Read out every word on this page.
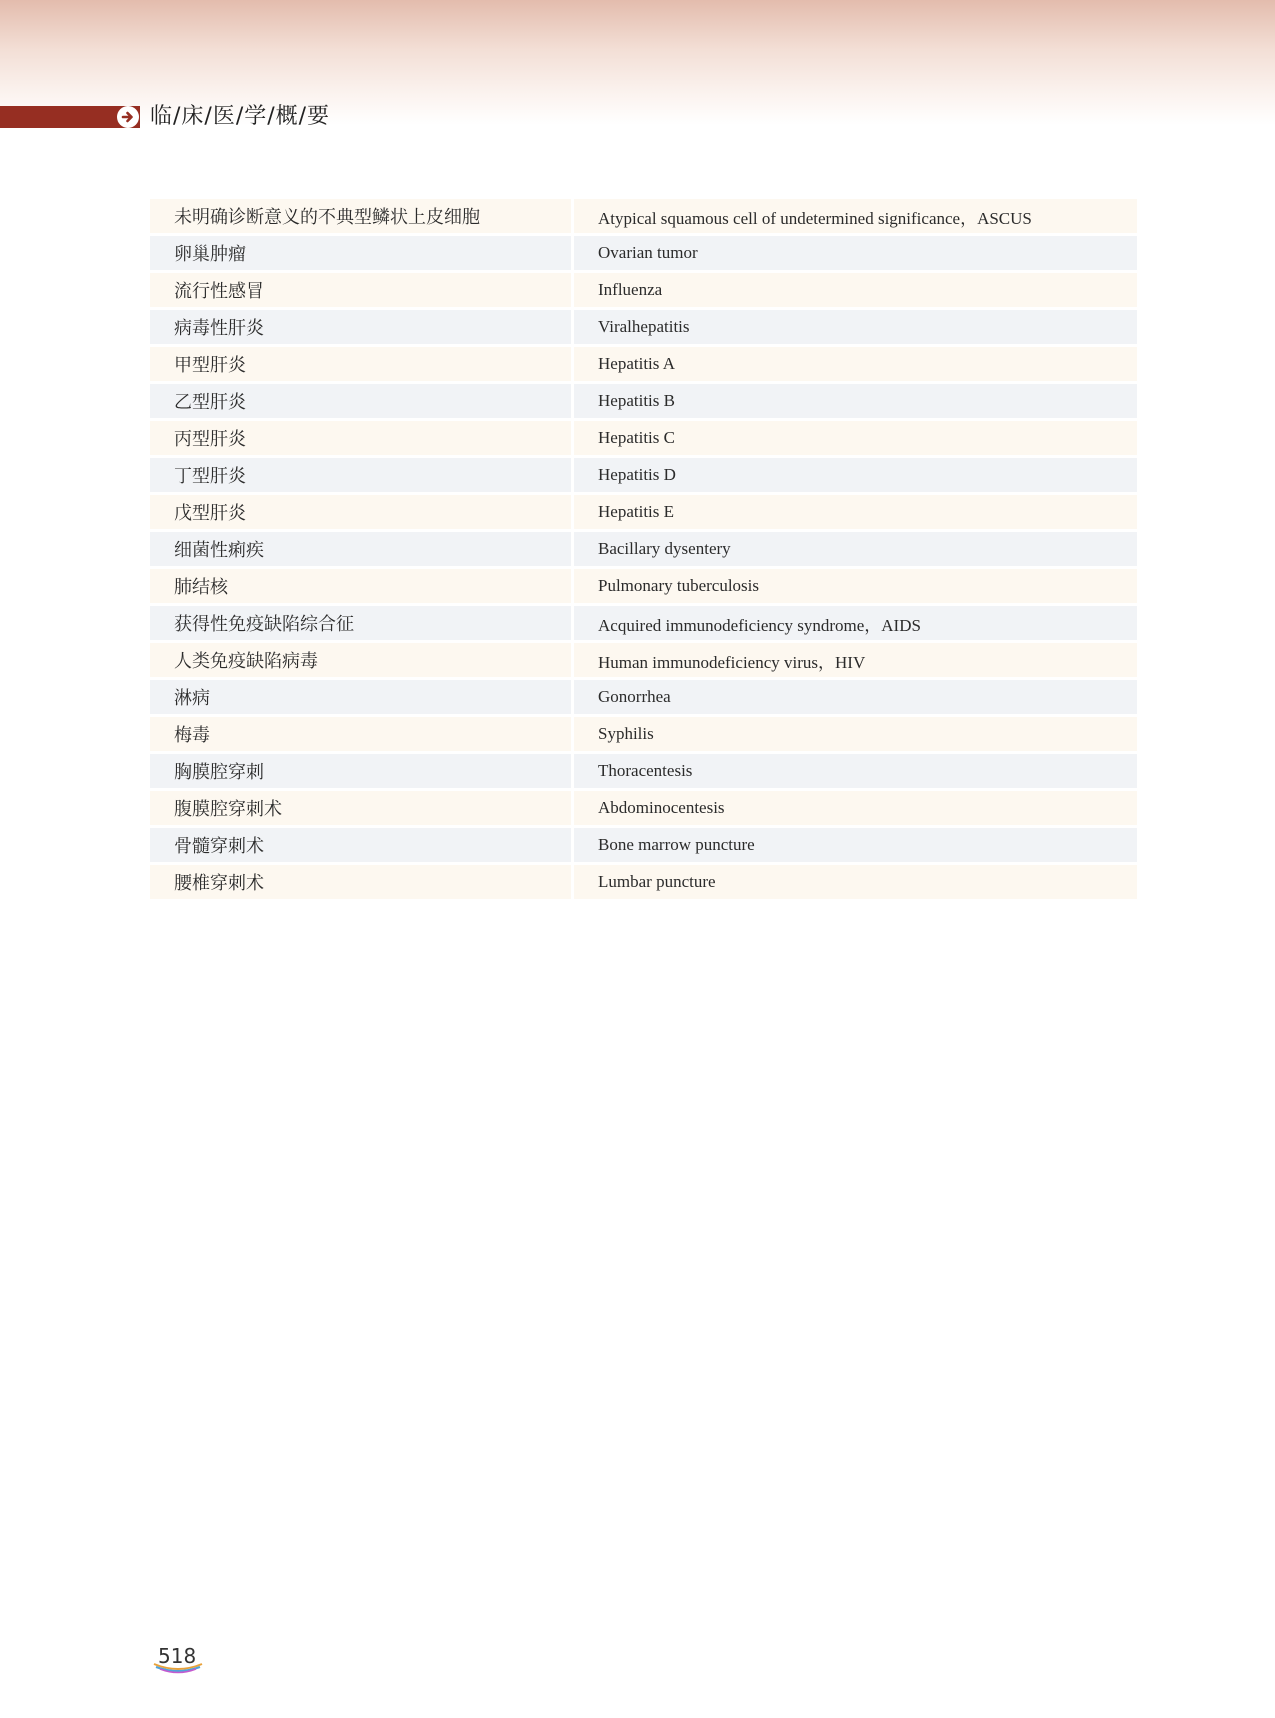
临/床/医/学/概/要
未明确诊断意义的不典型鳞状上皮细胞	Atypical squamous cell of undetermined significance，ASCUS
卵巢肿瘤	Ovarian tumor
流行性感冒	Influenza
病毒性肝炎	Viralhepatitis
甲型肝炎	Hepatitis A
乙型肝炎	Hepatitis B
丙型肝炎	Hepatitis C
丁型肝炎	Hepatitis D
戊型肝炎	Hepatitis E
细菌性痢疾	Bacillary dysentery
肺结核	Pulmonary tuberculosis
获得性免疫缺陷综合征	Acquired immunodeficiency syndrome，AIDS
人类免疫缺陷病毒	Human immunodeficiency virus，HIV
淋病	Gonorrhea
梅毒	Syphilis
胸膜腔穿刺	Thoracentesis
腹膜腔穿刺术	Abdominocentesis
骨髓穿刺术	Bone marrow puncture
腰椎穿刺术	Lumbar puncture
518
